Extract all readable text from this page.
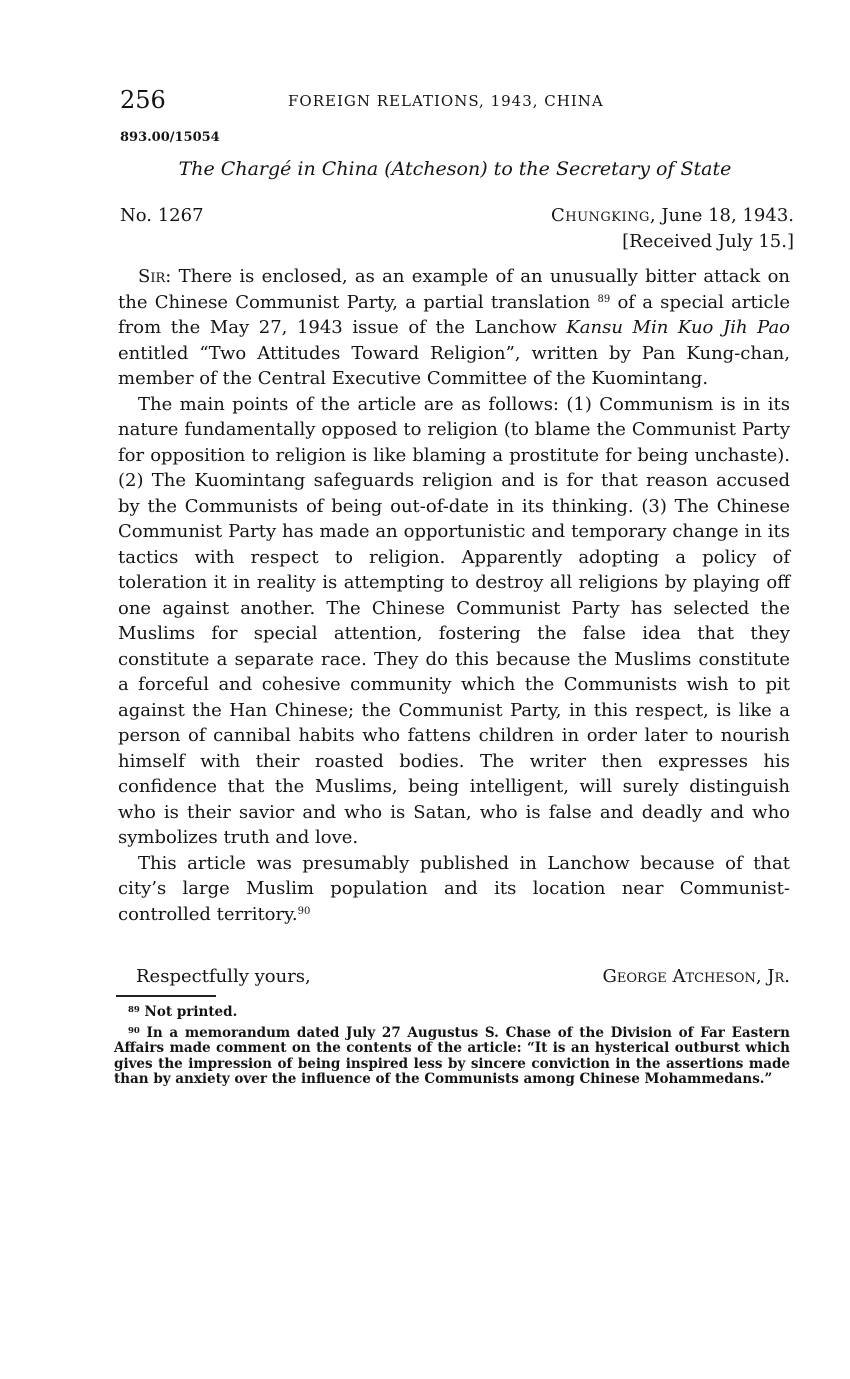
256	FOREIGN RELATIONS, 1943, CHINA
893.00/15054
The Chargé in China (Atcheson) to the Secretary of State
No. 1267	Chungking, June 18, 1943.
[Received July 15.]

Sir: There is enclosed, as an example of an unusually bitter attack on the Chinese Communist Party, a partial translation $^{89}$ of a special article from the May 27, 1943 issue of the Lanchow Kansu Min Kuo Jih Pao entitled “Two Attitudes Toward Religion”, written by Pan Kung-chan, member of the Central Executive Committee of the Kuomintang.

The main points of the article are as follows: (1) Communism is in its nature fundamentally opposed to religion (to blame the Communist Party for opposition to religion is like blaming a prostitute for being unchaste). (2) The Kuomintang safeguards religion and is for that reason accused by the Communists of being out-of-date in its thinking. (3) The Chinese Communist Party has made an opportunistic and temporary change in its tactics with respect to religion. Apparently adopting a policy of toleration it in reality is attempting to destroy all religions by playing off one against another. The Chinese Communist Party has selected the Muslims for special attention, fostering the false idea that they constitute a separate race. They do this because the Muslims constitute a forceful and cohesive community which the Communists wish to pit against the Han Chinese; the Communist Party, in this respect, is like a person of cannibal habits who fattens children in order later to nourish himself with their roasted bodies. The writer then expresses his confidence that the Muslims, being intelligent, will surely distinguish who is their savior and who is Satan, who is false and deadly and who symbolizes truth and love.

This article was presumably published in Lanchow because of that city’s large Muslim population and its location near Communist-controlled territory.$^{90}$

Respectfully yours,	George Atcheson, Jr.

$^{89}$ Not printed.

$^{90}$ In a memorandum dated July 27 Augustus S. Chase of the Division of Far Eastern Affairs made comment on the contents of the article: “It is an hysterical outburst which gives the impression of being inspired less by sincere conviction in the assertions made than by anxiety over the influence of the Communists among Chinese Mohammedans.”
